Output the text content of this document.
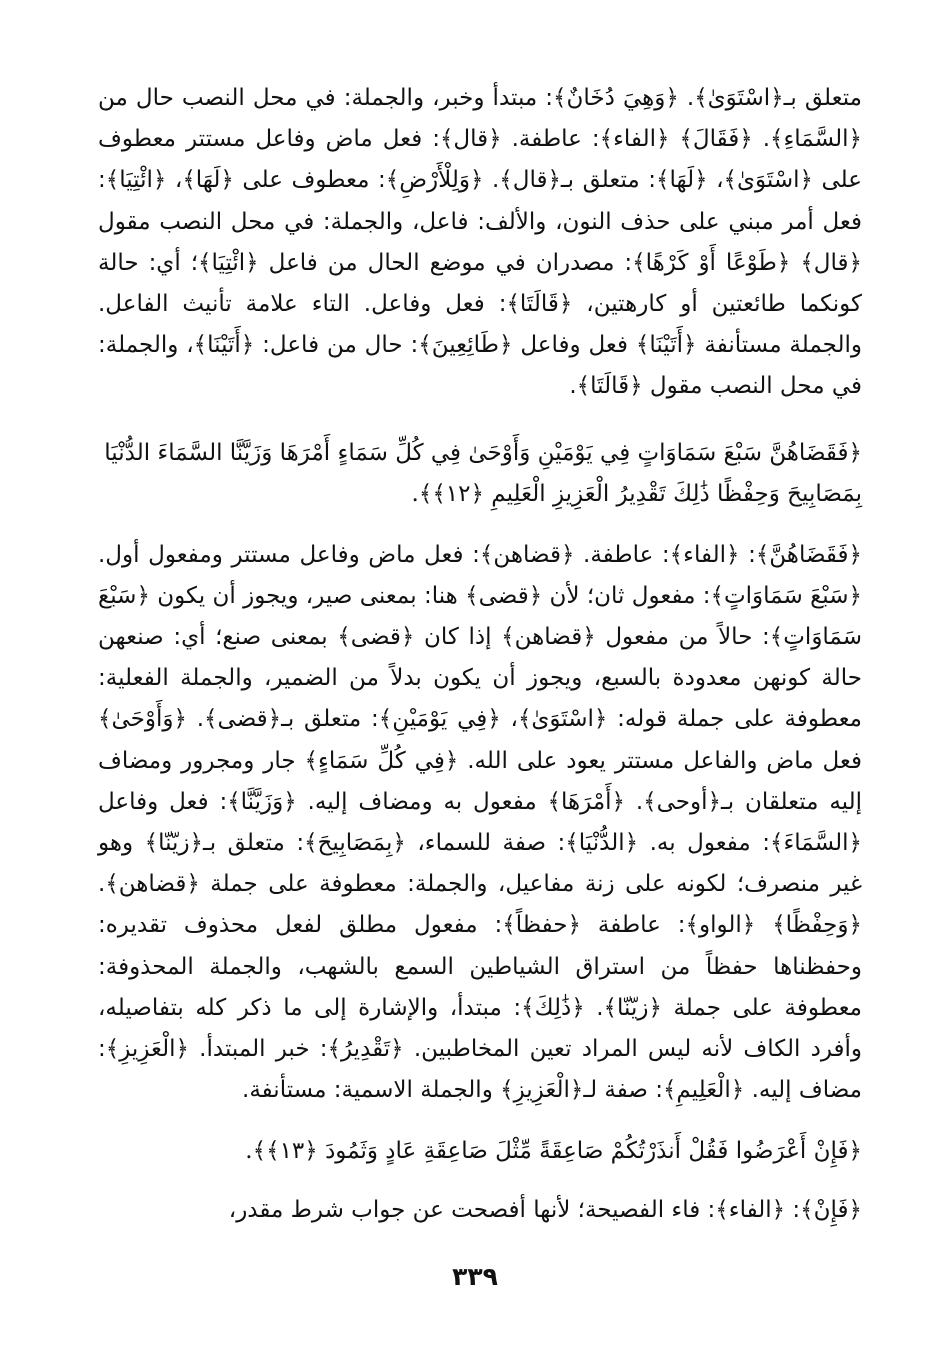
متعلق بـ﴿اسْتَوَىٰ﴾. ﴿وَهِيَ دُخَانٌ﴾: مبتدأ وخبر، والجملة: في محل النصب حال من ﴿السَّمَاءِ﴾. ﴿فَقَالَ﴾ ﴿الفاء﴾: عاطفة. ﴿قال﴾: فعل ماض وفاعل مستتر معطوف على ﴿اسْتَوَىٰ﴾، ﴿لَهَا﴾: متعلق بـ﴿قال﴾. ﴿وَلِلْأَرْضِ﴾: معطوف على ﴿لَهَا﴾، ﴿ائْتِيَا﴾: فعل أمر مبني على حذف النون، والألف: فاعل، والجملة: في محل النصب مقول ﴿قال﴾ ﴿طَوْعًا أَوْ كَرْهًا﴾: مصدران في موضع الحال من فاعل ﴿ائْتِيَا﴾؛ أي: حالة كونكما طائعتين أو كارهتين، ﴿قَالَتَا﴾: فعل وفاعل. التاء علامة تأنيث الفاعل. والجملة مستأنفة ﴿أَتَيْنَا﴾ فعل وفاعل ﴿طَائِعِينَ﴾: حال من فاعل: ﴿أَتَيْنَا﴾، والجملة: في محل النصب مقول ﴿قَالَتَا﴾.

﴿فَقَضَاهُنَّ سَبْعَ سَمَاوَاتٍ فِي يَوْمَيْنِ وَأَوْحَىٰ فِي كُلِّ سَمَاءٍ أَمْرَهَا وَزَيَّنَّا السَّمَاءَ الدُّنْيَا بِمَصَابِيحَ وَحِفْظًا ذَٰلِكَ تَقْدِيرُ الْعَزِيزِ الْعَلِيمِ ﴿١٢﴾﴾.

﴿فَقَضَاهُنَّ﴾: ﴿الفاء﴾: عاطفة. ﴿قضاهن﴾: فعل ماض وفاعل مستتر ومفعول أول. ﴿سَبْعَ سَمَاوَاتٍ﴾: مفعول ثان؛ لأن ﴿قضى﴾ هنا: بمعنى صير، ويجوز أن يكون ﴿سَبْعَ سَمَاوَاتٍ﴾: حالاً من مفعول ﴿قضاهن﴾ إذا كان ﴿قضى﴾ بمعنى صنع؛ أي: صنعهن حالة كونهن معدودة بالسبع، ويجوز أن يكون بدلاً من الضمير، والجملة الفعلية: معطوفة على جملة قوله: ﴿اسْتَوَىٰ﴾، ﴿فِي يَوْمَيْنِ﴾: متعلق بـ﴿قضى﴾. ﴿وَأَوْحَىٰ﴾ فعل ماض والفاعل مستتر يعود على الله. ﴿فِي كُلِّ سَمَاءٍ﴾ جار ومجرور ومضاف إليه متعلقان بـ﴿أوحى﴾. ﴿أَمْرَهَا﴾ مفعول به ومضاف إليه. ﴿وَزَيَّنَّا﴾: فعل وفاعل ﴿السَّمَاءَ﴾: مفعول به. ﴿الدُّنْيَا﴾: صفة للسماء، ﴿بِمَصَابِيحَ﴾: متعلق بـ﴿زيّنّا﴾ وهو غير منصرف؛ لكونه على زنة مفاعيل، والجملة: معطوفة على جملة ﴿قضاهن﴾. ﴿وَحِفْظًا﴾ ﴿الواو﴾: عاطفة ﴿حفظاً﴾: مفعول مطلق لفعل محذوف تقديره: وحفظناها حفظاً من استراق الشياطين السمع بالشهب، والجملة المحذوفة: معطوفة على جملة ﴿زيّنّا﴾. ﴿ذَٰلِكَ﴾: مبتدأ، والإشارة إلى ما ذكر كله بتفاصيله، وأفرد الكاف لأنه ليس المراد تعين المخاطبين. ﴿تَقْدِيرُ﴾: خبر المبتدأ. ﴿الْعَزِيزِ﴾: مضاف إليه. ﴿الْعَلِيمِ﴾: صفة لـ﴿الْعَزِيزِ﴾ والجملة الاسمية: مستأنفة.

﴿فَإِنْ أَعْرَضُوا فَقُلْ أَنذَرْتُكُمْ صَاعِقَةً مِّثْلَ صَاعِقَةِ عَادٍ وَثَمُودَ ﴿١٣﴾﴾.

﴿فَإِنْ﴾: ﴿الفاء﴾: فاء الفصيحة؛ لأنها أفصحت عن جواب شرط مقدر،

٣٣٩
